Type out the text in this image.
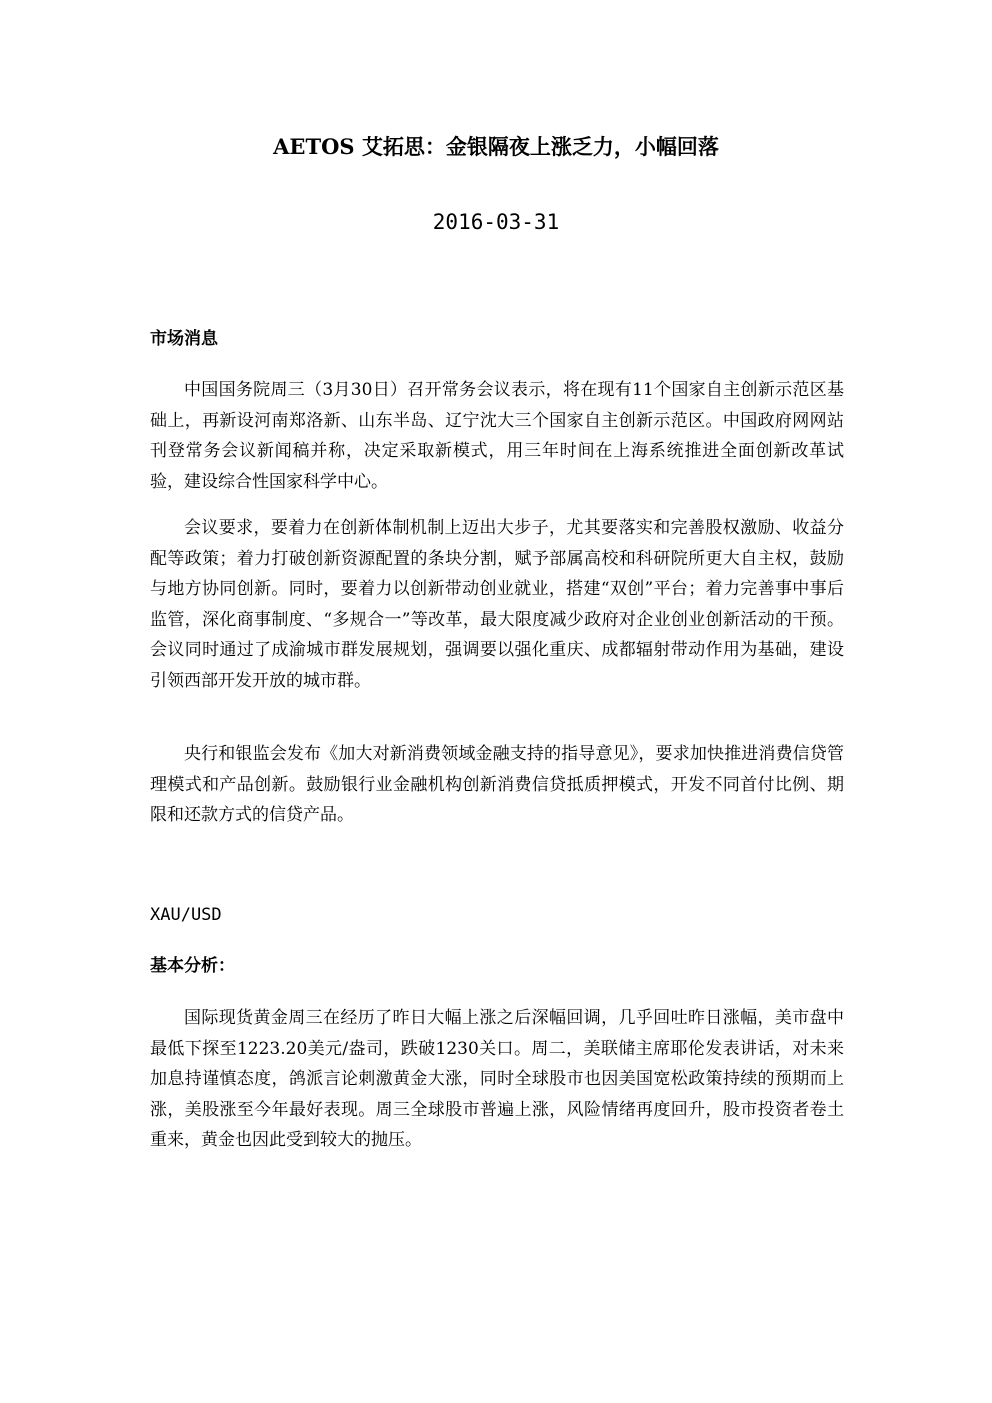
AETOS 艾拓思：金银隔夜上涨乏力，小幅回落
2016-03-31
市场消息

中国国务院周三（3月30日）召开常务会议表示，将在现有11个国家自主创新示范区基础上，再新设河南郑洛新、山东半岛、辽宁沈大三个国家自主创新示范区。中国政府网网站刊登常务会议新闻稿并称，决定采取新模式，用三年时间在上海系统推进全面创新改革试验，建设综合性国家科学中心。

会议要求，要着力在创新体制机制上迈出大步子，尤其要落实和完善股权激励、收益分配等政策；着力打破创新资源配置的条块分割，赋予部属高校和科研院所更大自主权，鼓励与地方协同创新。同时，要着力以创新带动创业就业，搭建“双创”平台；着力完善事中事后监管，深化商事制度、“多规合一”等改革，最大限度减少政府对企业创业创新活动的干预。会议同时通过了成渝城市群发展规划，强调要以强化重庆、成都辐射带动作用为基础，建设引领西部开发开放的城市群。

央行和银监会发布《加大对新消费领域金融支持的指导意见》，要求加快推进消费信贷管理模式和产品创新。鼓励银行业金融机构创新消费信贷抵质押模式，开发不同首付比例、期限和还款方式的信贷产品。

XAU/USD
基本分析：

国际现货黄金周三在经历了昨日大幅上涨之后深幅回调，几乎回吐昨日涨幅，美市盘中最低下探至1223.20美元/盎司，跌破1230关口。周二，美联储主席耶伦发表讲话，对未来加息持谨慎态度，鸽派言论刺激黄金大涨，同时全球股市也因美国宽松政策持续的预期而上涨，美股涨至今年最好表现。周三全球股市普遍上涨，风险情绪再度回升，股市投资者卷土重来，黄金也因此受到较大的抛压。
